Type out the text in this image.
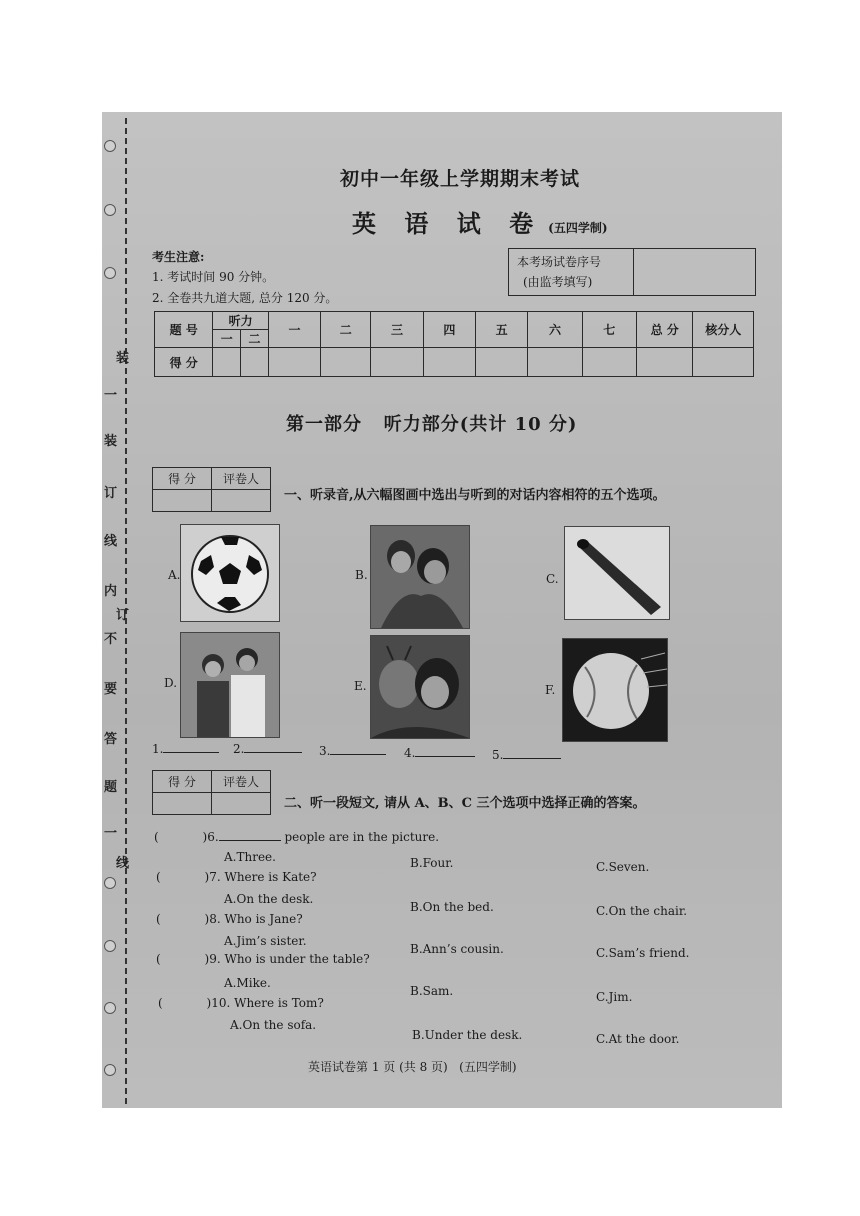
装
一
装
订
线
内
订
不
要
答
题
一
线
初中一年级上学期期末考试
英 语 试 卷 (五四学制)
考生注意:
1. 考试时间 90 分钟。
2. 全卷共九道大题, 总分 120 分。
本考场试卷序号
(由监考填写)
题 号	听力		一	二	三	四	五	六	七	总 分	核分人
	一	二									
得 分											
第一部分   听力部分(共计 10 分)
得 分	评卷人

一、听录音,从六幅图画中选出与听到的对话内容相符的五个选项。
A.	B.	C.
D.	E.	F.
1.	2.	3.	4.	5.
得 分	评卷人

二、听一段短文, 请从 A、B、C 三个选项中选择正确的答案。
(	)6.	people are in the picture.
A.Three.	B.Four.	C.Seven.
(	)7. Where is Kate?
A.On the desk.
B.On the bed.	C.On the chair.
(	)8. Who is Jane?
A.Jim’s sister.
B.Ann’s cousin.	C.Sam’s friend.
(	)9. Who is under the table?
A.Mike.
B.Sam.	C.Jim.
(	)10. Where is Tom?
A.On the sofa.
B.Under the desk.	C.At the door.
英语试卷第 1 页 (共 8 页)   (五四学制)
